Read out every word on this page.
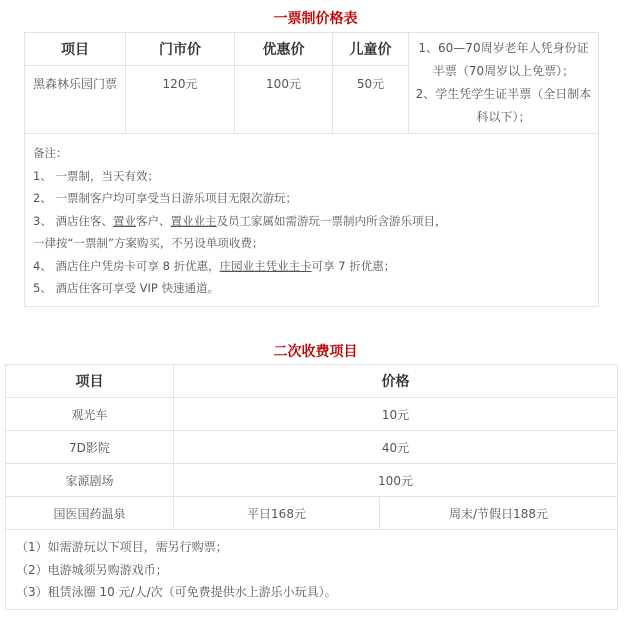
一票制价格表
项目	门市价	优惠价	儿童价	1、60—70周岁老年人凭身份证半票（70周岁以上免票）；
2、学生凭学生证半票（全日制本科以下）；

黑森林乐园门票	120元	100元	50元	

备注：
1、 一票制，当天有效；
2、 一票制客户均可享受当日游乐项目无限次游玩；
3、 酒店住客、置业客户、置业业主及员工家属如需游玩一票制内所含游乐项目，
一律按“一票制”方案购买，不另设单项收费；
4、 酒店住户凭房卡可享 8 折优惠，庄园业主凭业主卡可享 7 折优惠；
5、 酒店住客可享受 VIP 快速通道。
二次收费项目
项目	价格	
观光车	10元	
7D影院	40元	
家源剧场	100元	
国医国药温泉	平日168元	周末/节假日188元

（1）如需游玩以下项目，需另行购票；
（2）电游城须另购游戏币；
（3）租赁泳圈 10 元/人/次（可免费提供水上游乐小玩具）。		
